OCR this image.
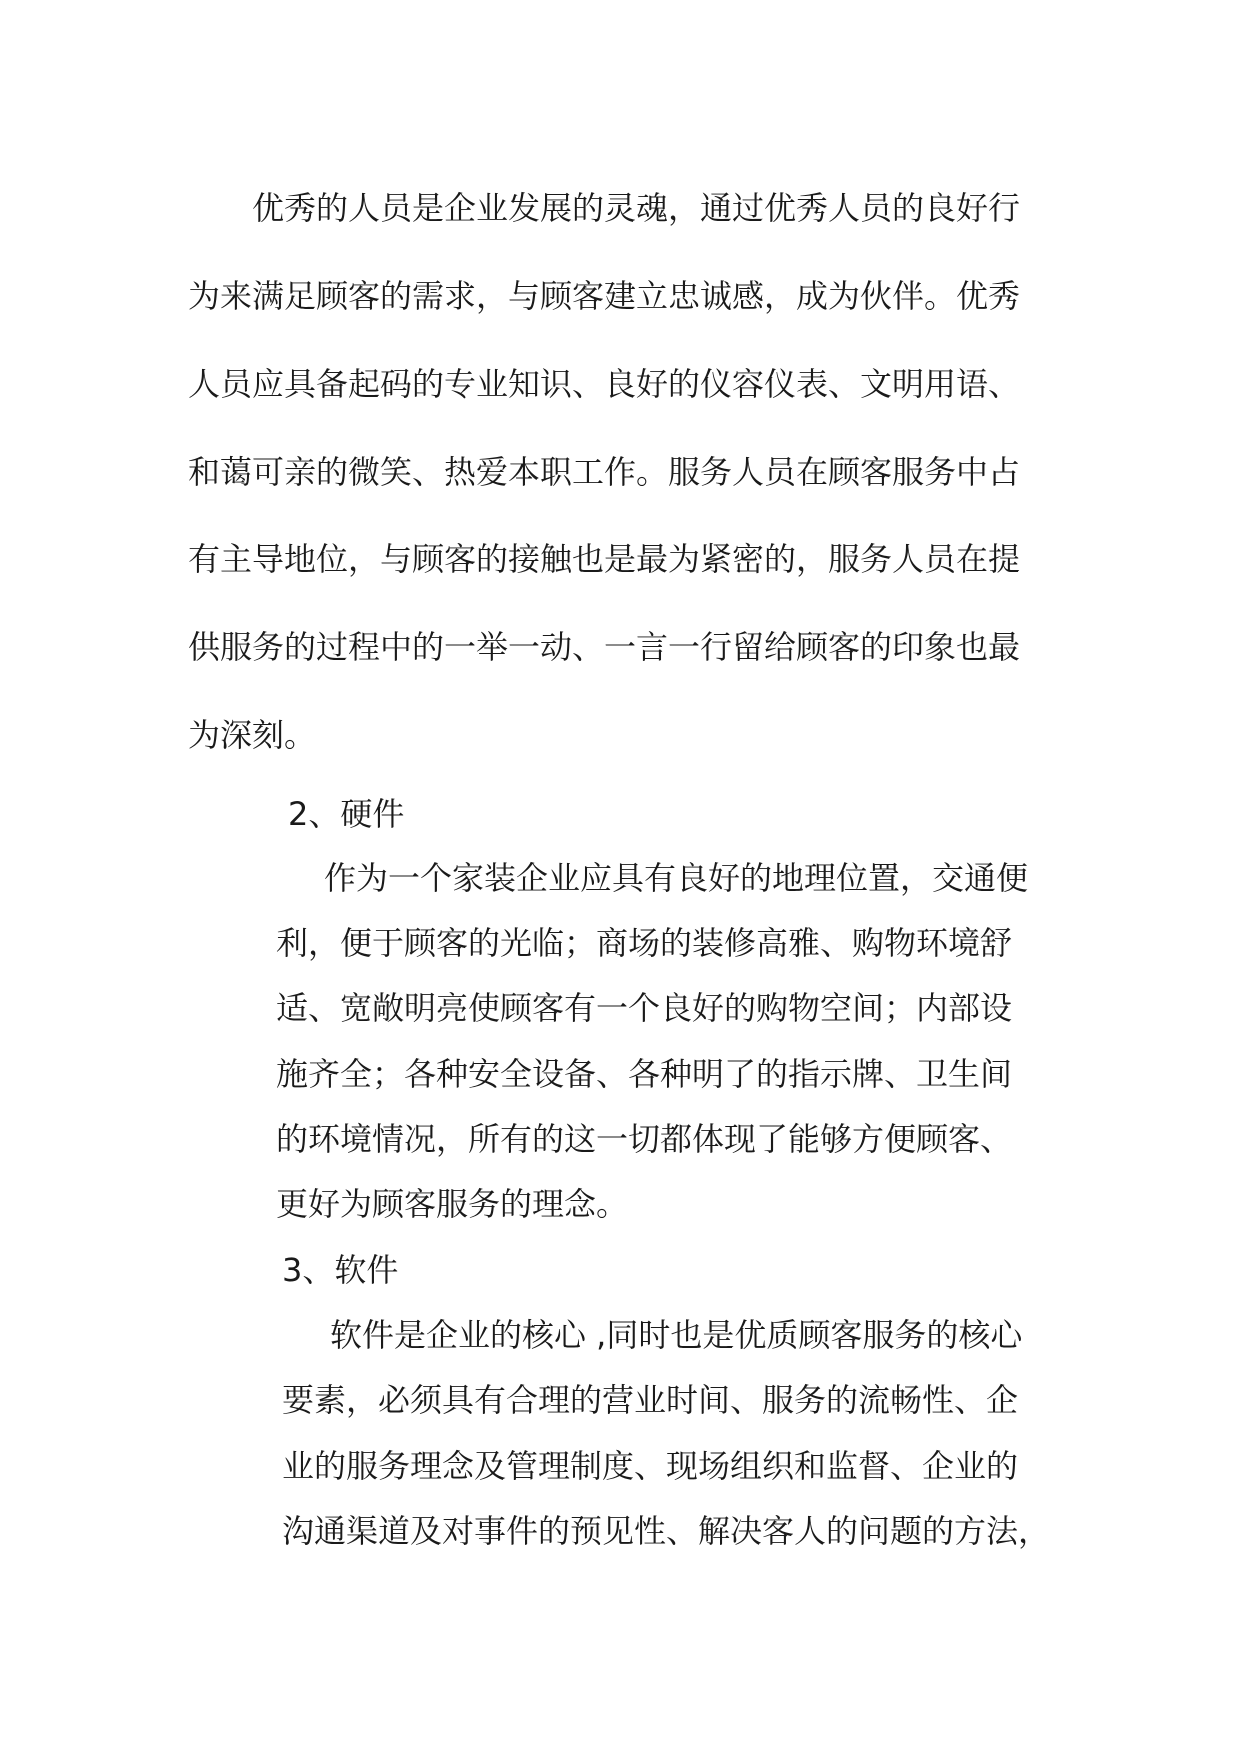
优秀的人员是企业发展的灵魂，通过优秀人员的良好行
为来满足顾客的需求，与顾客建立忠诚感，成为伙伴。优秀
人员应具备起码的专业知识、良好的仪容仪表、文明用语、
和蔼可亲的微笑、热爱本职工作。服务人员在顾客服务中占
有主导地位，与顾客的接触也是最为紧密的，服务人员在提
供服务的过程中的一举一动、一言一行留给顾客的印象也最
为深刻。
2、硬件
作为一个家装企业应具有良好的地理位置，交通便
利，便于顾客的光临；商场的装修高雅、购物环境舒
适、宽敞明亮使顾客有一个良好的购物空间；内部设
施齐全；各种安全设备、各种明了的指示牌、卫生间
的环境情况，所有的这一切都体现了能够方便顾客、
更好为顾客服务的理念。
3、软件
软件是企业的核心 ,同时也是优质顾客服务的核心
要素，必须具有合理的营业时间、服务的流畅性、企
业的服务理念及管理制度、现场组织和监督、企业的
沟通渠道及对事件的预见性、解决客人的问题的方法，
